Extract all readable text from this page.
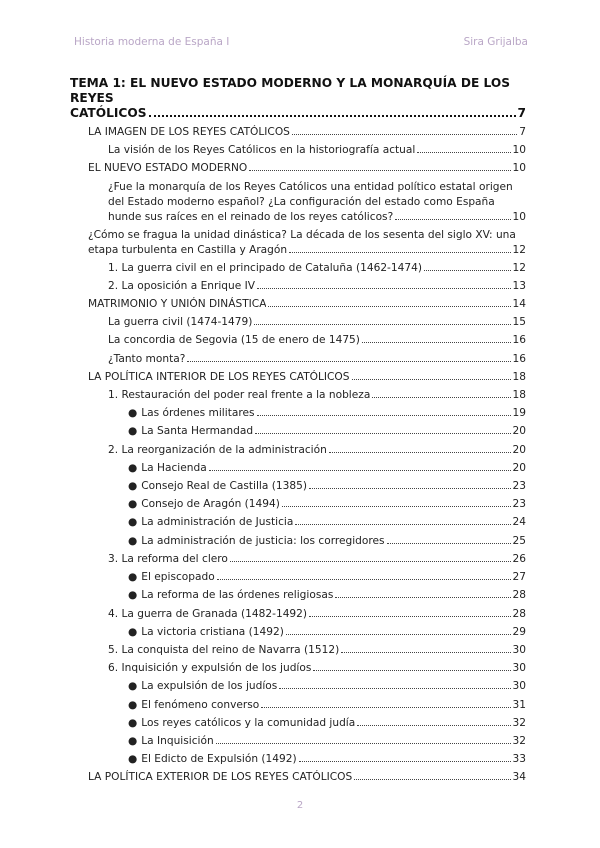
Historia moderna de España I	Sira Grijalba
TEMA 1: EL NUEVO ESTADO MODERNO Y LA MONARQUÍA DE LOS REYES
CATÓLICOS	7
LA IMAGEN DE LOS REYES CATÓLICOS	7
La visión de los Reyes Católicos en la historiografía actual	10
EL NUEVO ESTADO MODERNO	10
¿Fue la monarquía de los Reyes Católicos una entidad político estatal origen del Estado moderno español? ¿La configuración del estado como España
hunde sus raíces en el reinado de los reyes católicos?	10
¿Cómo se fragua la unidad dinástica? La década de los sesenta del siglo XV: una
etapa turbulenta en Castilla y Aragón	12
1. La guerra civil en el principado de Cataluña (1462-1474)	12
2. La oposición a Enrique IV	13
MATRIMONIO Y UNIÓN DINÁSTICA	14
La guerra civil (1474-1479)	15
La concordia de Segovia (15 de enero de 1475)	16
¿Tanto monta?	16
LA POLÍTICA INTERIOR DE LOS REYES CATÓLICOS	18
1. Restauración del poder real frente a la nobleza	18
● Las órdenes militares	19
● La Santa Hermandad	20
2. La reorganización de la administración	20
● La Hacienda	20
● Consejo Real de Castilla (1385)	23
● Consejo de Aragón (1494)	23
● La administración de Justicia	24
● La administración de justicia: los corregidores	25
3. La reforma del clero	26
● El episcopado	27
● La reforma de las órdenes religiosas	28
4. La guerra de Granada (1482-1492)	28
● La victoria cristiana (1492)	29
5. La conquista del reino de Navarra (1512)	30
6. Inquisición y expulsión de los judíos	30
● La expulsión de los judíos	30
● El fenómeno converso	31
● Los reyes católicos y la comunidad judía	32
● La Inquisición	32
● El Edicto de Expulsión (1492)	33
LA POLÍTICA EXTERIOR DE LOS REYES CATÓLICOS	34
2
